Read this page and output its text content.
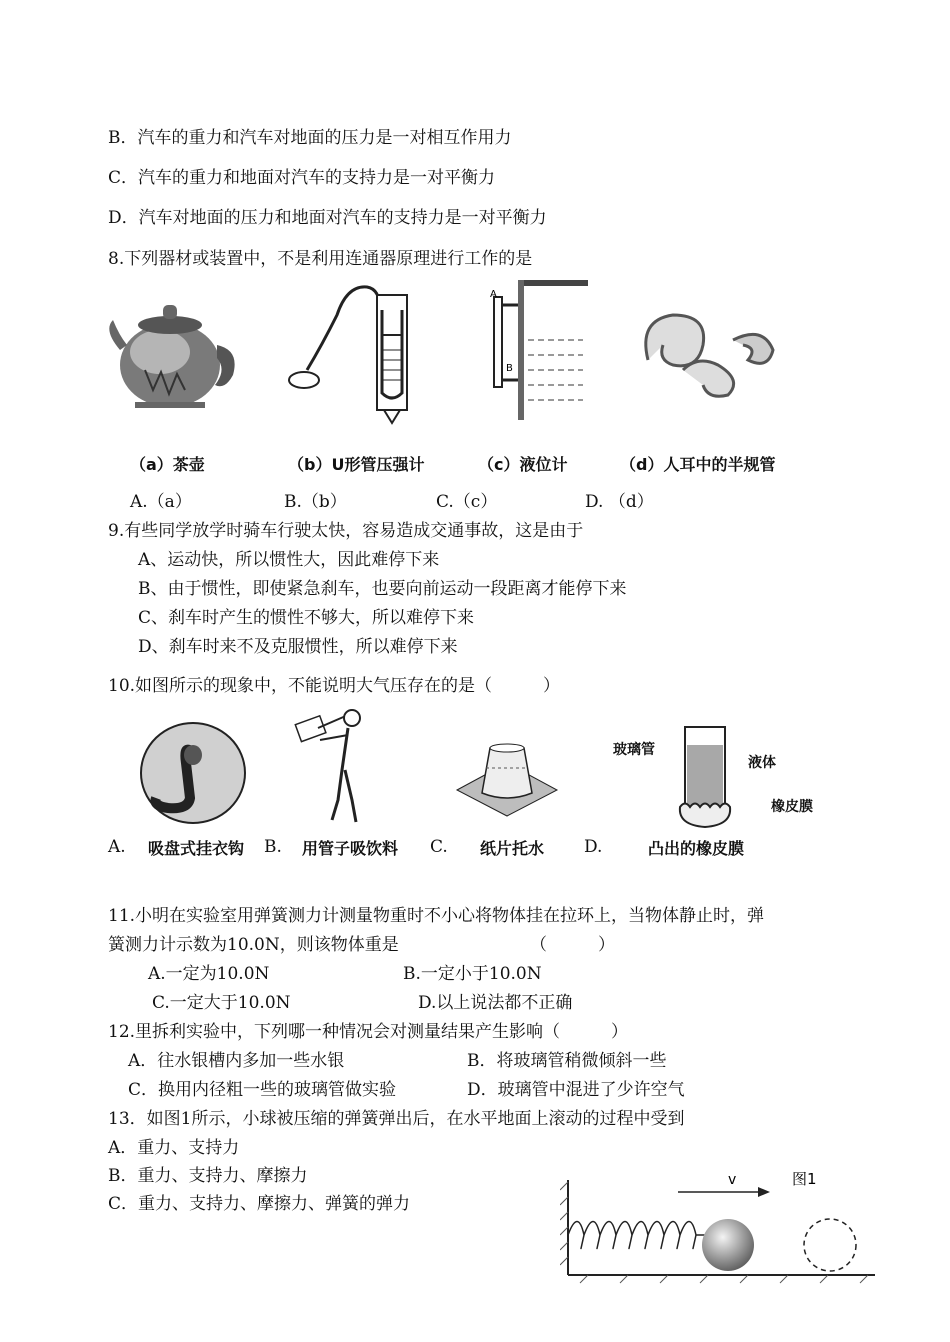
B．汽车的重力和汽车对地面的压力是一对相互作用力
C．汽车的重力和地面对汽车的支持力是一对平衡力
D．汽车对地面的压力和地面对汽车的支持力是一对平衡力
8.下列器材或装置中，不是利用连通器原理进行工作的是
A
B
（a）茶壶	（b）U形管压强计	（c）液位计	（d）人耳中的半规管
A.（a）	B.（b）	C.（c）	D. （d）
9.有些同学放学时骑车行驶太快，容易造成交通事故，这是由于
A、运动快，所以惯性大，因此难停下来
B、由于惯性，即使紧急刹车，也要向前运动一段距离才能停下来
C、刹车时产生的惯性不够大，所以难停下来
D、刹车时来不及克服惯性，所以难停下来
10.如图所示的现象中，不能说明大气压存在的是（　　　）
玻璃管
液体
橡皮膜
A. 吸盘式挂衣钩 B. 用管子吸饮料 C. 纸片托水 D.	凸出的橡皮膜
11.小明在实验室用弹簧测力计测量物重时不小心将物体挂在拉环上，当物体静止时，弹
簧测力计示数为10.0N，则该物体重是	（　　　）
A.一定为10.0N	B.一定小于10.0N
C.一定大于10.0N	D.以上说法都不正确
12.里拆利实验中，下列哪一种情况会对测量结果产生影响（　　　）
A．往水银槽内多加一些水银	B．将玻璃管稍微倾斜一些
C．换用内径粗一些的玻璃管做实验	D．玻璃管中混进了少许空气
13．如图1所示，小球被压缩的弹簧弹出后，在水平地面上滚动的过程中受到
A．重力、支持力
B．重力、支持力、摩擦力
C．重力、支持力、摩擦力、弹簧的弹力
v	图1
